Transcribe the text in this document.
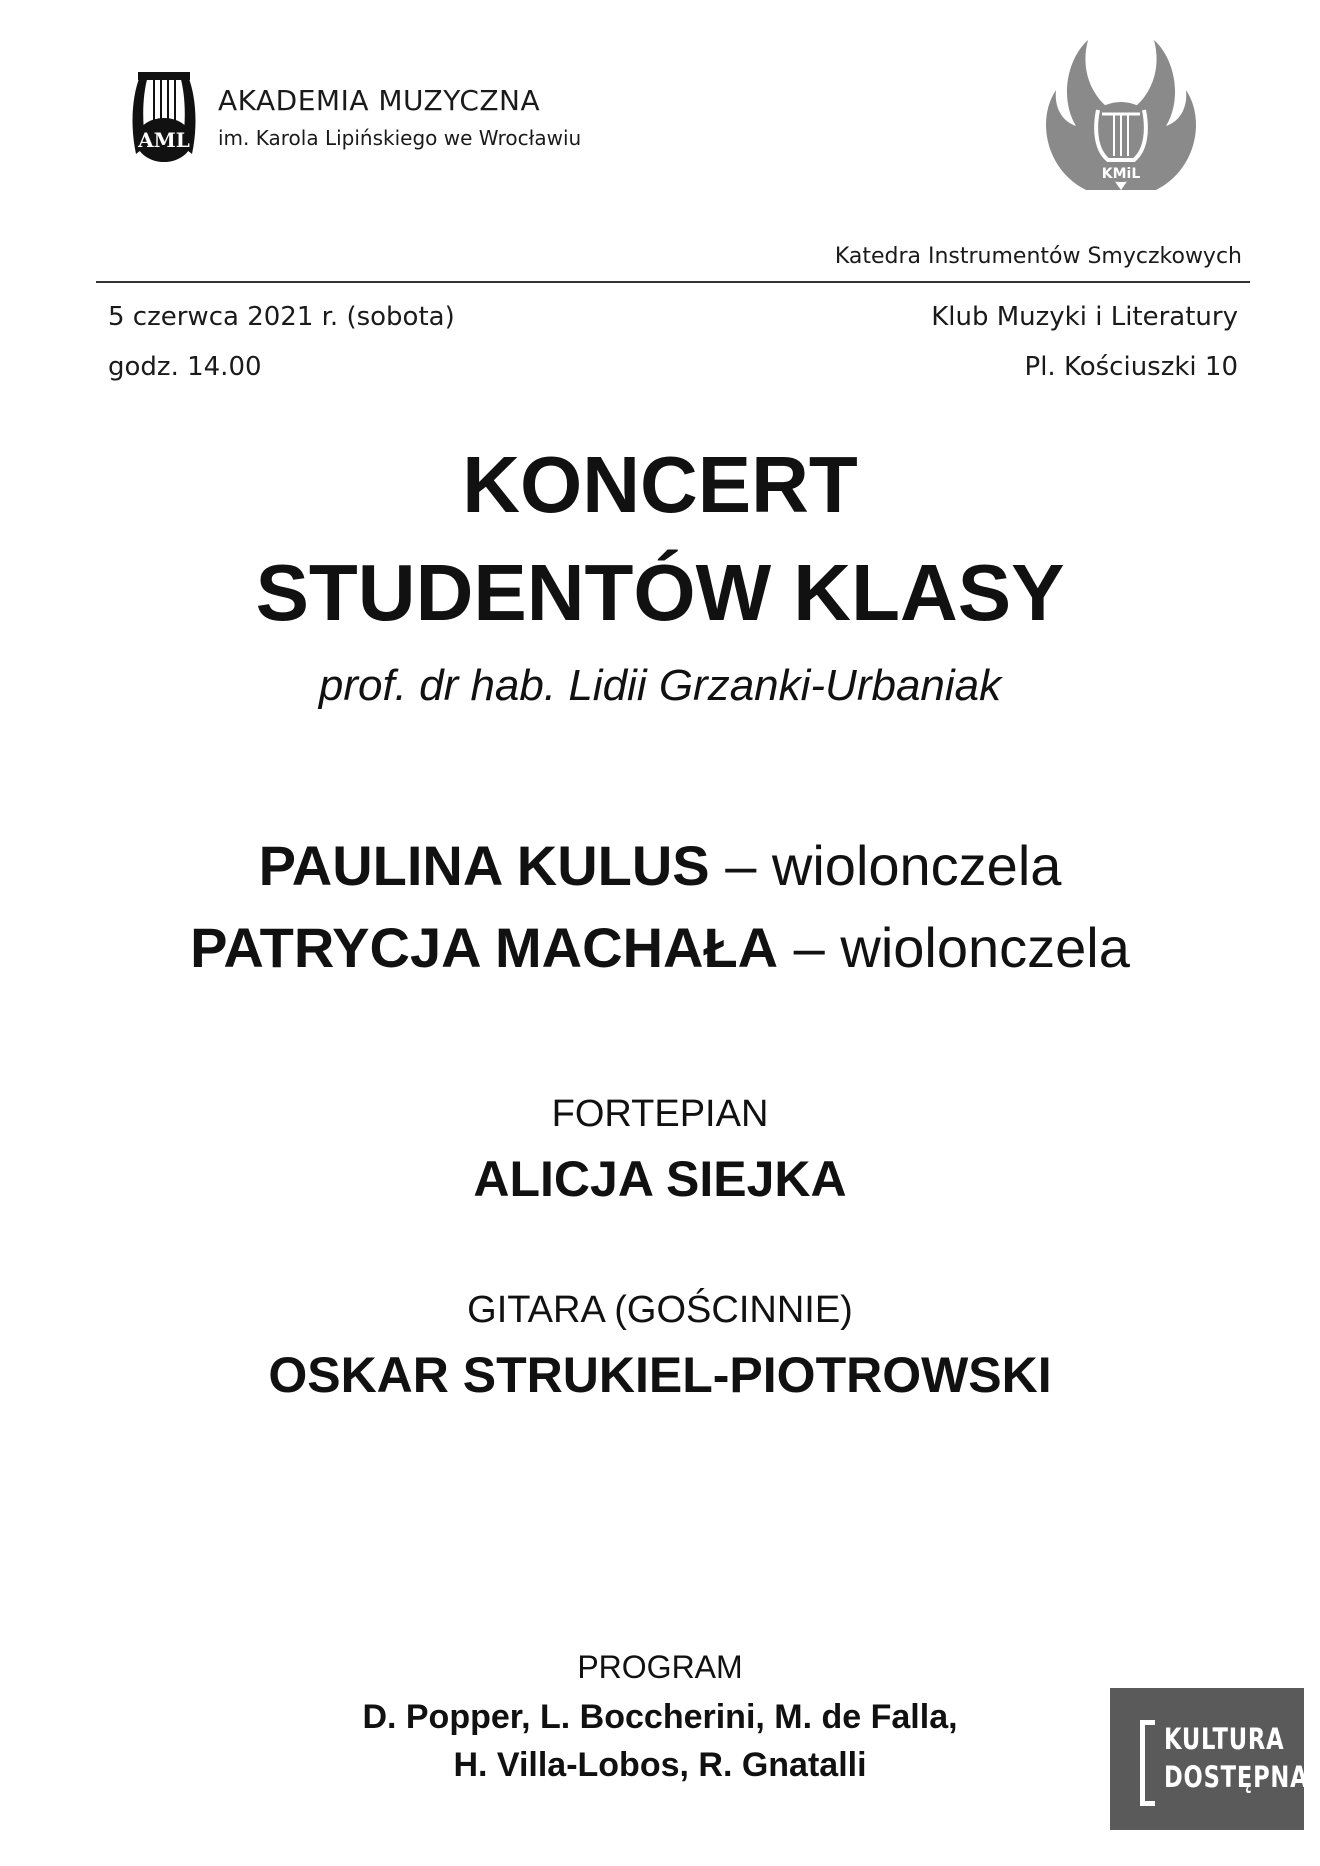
AML
AKADEMIA MUZYCZNA
im. Karola Lipińskiego we Wrocławiu
W
KMiL
Katedra Instrumentów Smyczkowych
5 czerwca 2021 r. (sobota)
godz. 14.00
Klub Muzyki i Literatury
Pl. Kościuszki 10
KONCERT
STUDENTÓW KLASY
prof. dr hab. Lidii Grzanki-Urbaniak
PAULINA KULUS – wiolonczela
PATRYCJA MACHAŁA – wiolonczela
FORTEPIAN
ALICJA SIEJKA
GITARA (GOŚCINNIE)
OSKAR STRUKIEL-PIOTROWSKI
PROGRAM
D. Popper, L. Boccherini, M. de Falla,
H. Villa-Lobos, R. Gnatalli
KULTURA
DOSTĘPNA
